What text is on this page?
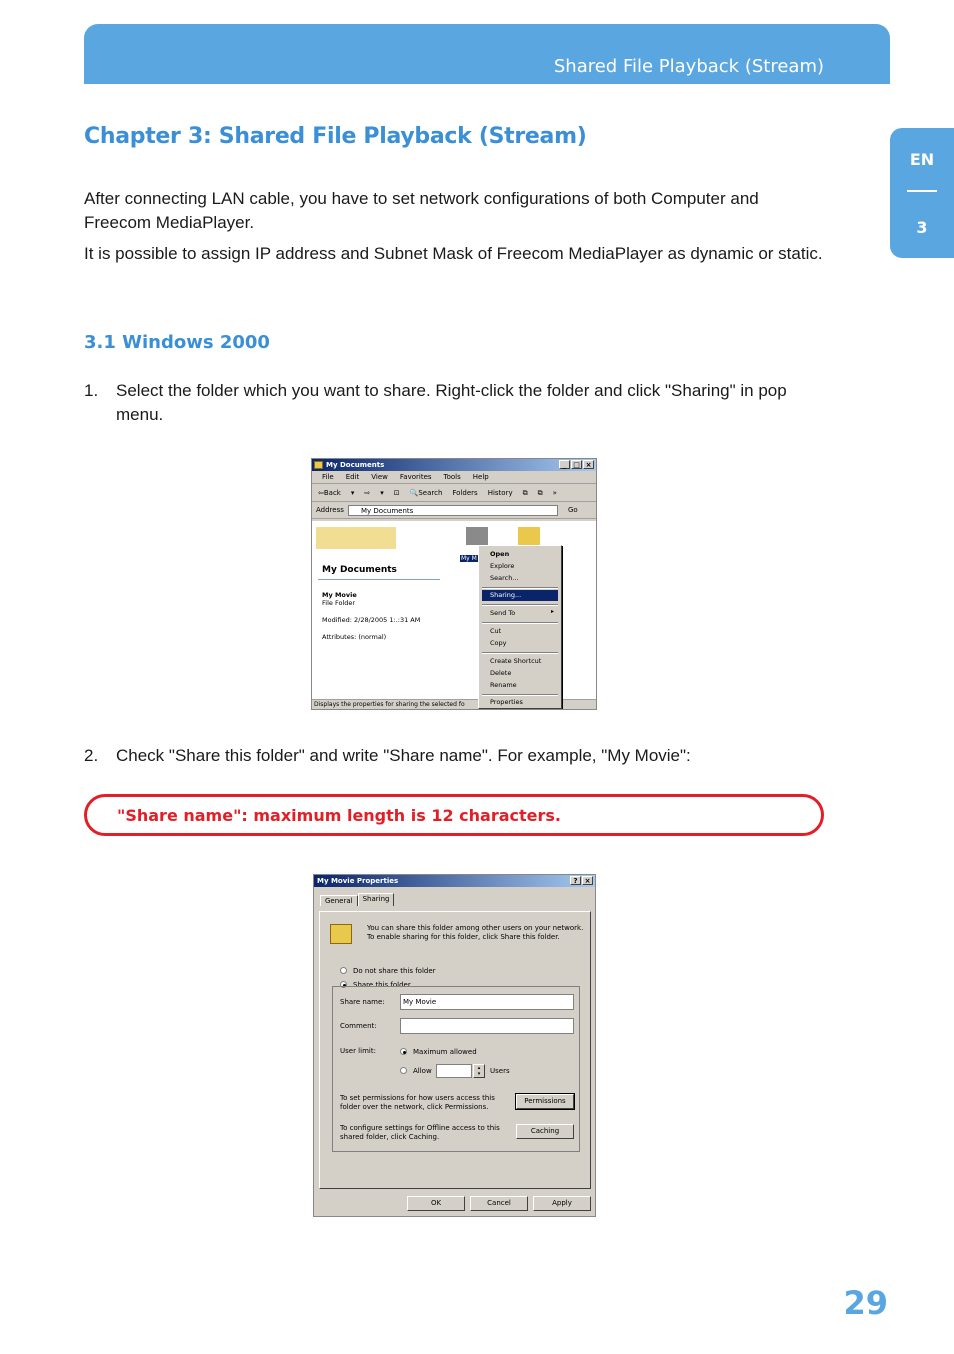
Shared File Playback (Stream)
EN
3
Chapter 3: Shared File Playback (Stream)

After connecting LAN cable, you have to set network configurations of both Computer and Freecom MediaPlayer.

It is possible to assign IP address and Subnet Mask of Freecom MediaPlayer as dynamic or static.

3.1 Windows 2000
1.	Select the folder which you want to share. Right-click the folder and click "Sharing" in pop menu.
My Documents	_ □ ×
File Edit View Favorites Tools Help
⇦Back ▾ ⇨ ▾ ⊡ 🔍Search Folders History ⧉ ⧉ »
Address	My Documents	Go
My Documents
My Movie
File Folder
Modified: 2/28/2005 1:.:31 AM
Attributes: (normal)
My M
Displays the properties for sharing the selected fo
Open
Explore
Search...
Sharing...
Send To	▸
Cut
Copy
Create Shortcut
Delete
Rename
Properties
2.	Check "Share this folder" and write "Share name". For example, "My Movie":
"Share name": maximum length is 12 characters.
My Movie Properties	?	×
General	Sharing
You can share this folder among other users on your network. To enable sharing for this folder, click Share this folder.
Do not share this folder
Share this folder
Share name:	My Movie
Comment:
User limit:	Maximum allowed
Allow	▴
▾	Users
To set permissions for how users access this folder over the network, click Permissions.
Permissions
To configure settings for Offline access to this shared folder, click Caching.
Caching
OK	Cancel	Apply
29
